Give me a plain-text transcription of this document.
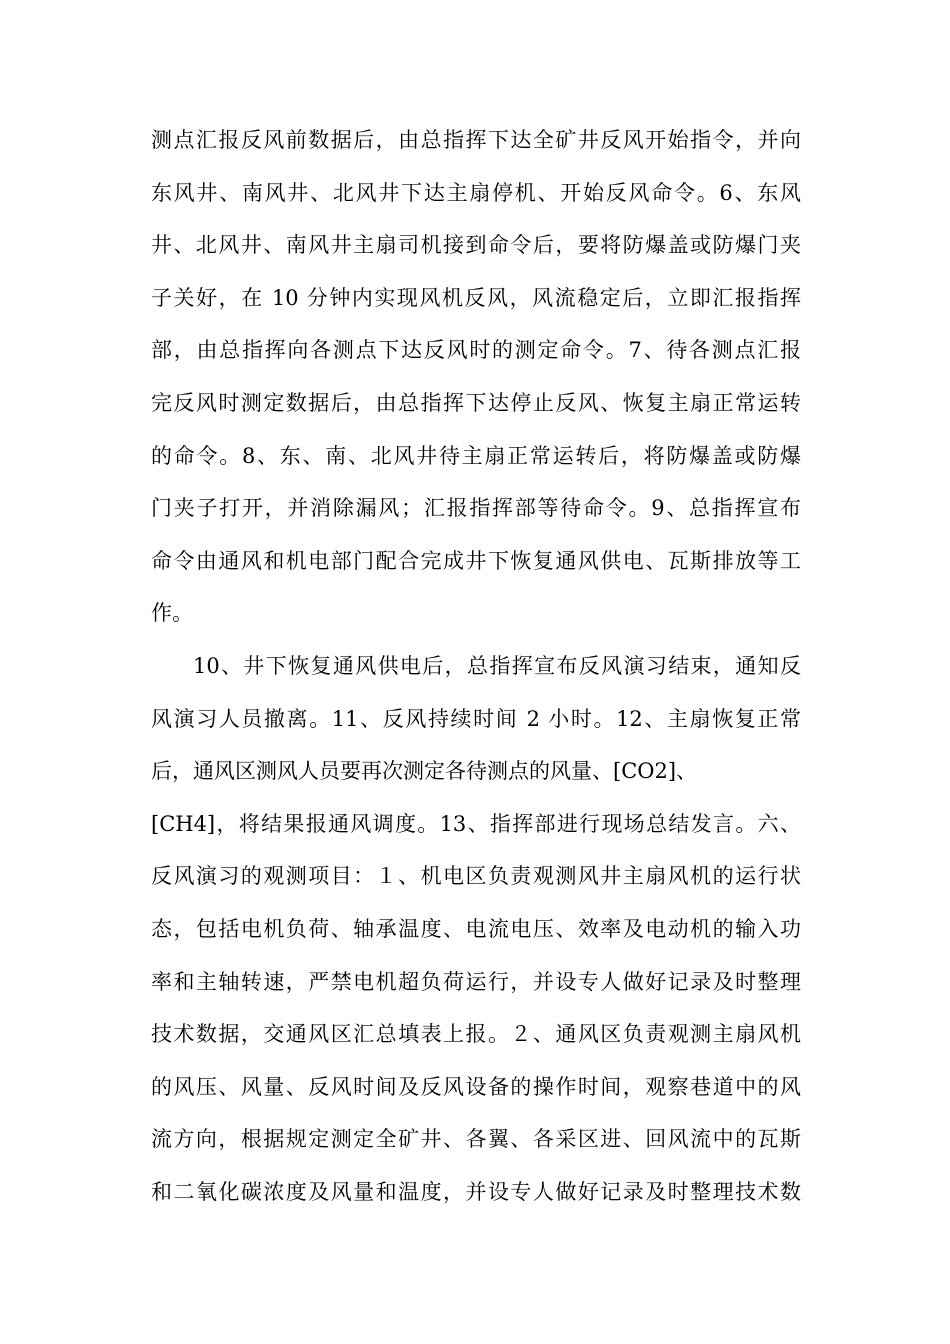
测点汇报反风前数据后，由总指挥下达全矿井反风开始指令，并向
东风井、南风井、北风井下达主扇停机、开始反风命令。6、东风
井、北风井、南风井主扇司机接到命令后，要将防爆盖或防爆门夹
子关好，在 10 分钟内实现风机反风，风流稳定后，立即汇报指挥
部，由总指挥向各测点下达反风时的测定命令。7、待各测点汇报
完反风时测定数据后，由总指挥下达停止反风、恢复主扇正常运转
的命令。8、东、南、北风井待主扇正常运转后，将防爆盖或防爆
门夹子打开，并消除漏风；汇报指挥部等待命令。9、总指挥宣布
命令由通风和机电部门配合完成井下恢复通风供电、瓦斯排放等工
作。

10、井下恢复通风供电后，总指挥宣布反风演习结束，通知反
风演习人员撤离。11、反风持续时间 2 小时。12、主扇恢复正常
后，通风区测风人员要再次测定各待测点的风量、[CO2]、
[CH4]，将结果报通风调度。13、指挥部进行现场总结发言。六、
反风演习的观测项目：１、机电区负责观测风井主扇风机的运行状
态，包括电机负荷、轴承温度、电流电压、效率及电动机的输入功
率和主轴转速，严禁电机超负荷运行，并设专人做好记录及时整理
技术数据，交通风区汇总填表上报。２、通风区负责观测主扇风机
的风压、风量、反风时间及反风设备的操作时间，观察巷道中的风
流方向，根据规定测定全矿井、各翼、各采区进、回风流中的瓦斯
和二氧化碳浓度及风量和温度，并设专人做好记录及时整理技术数
